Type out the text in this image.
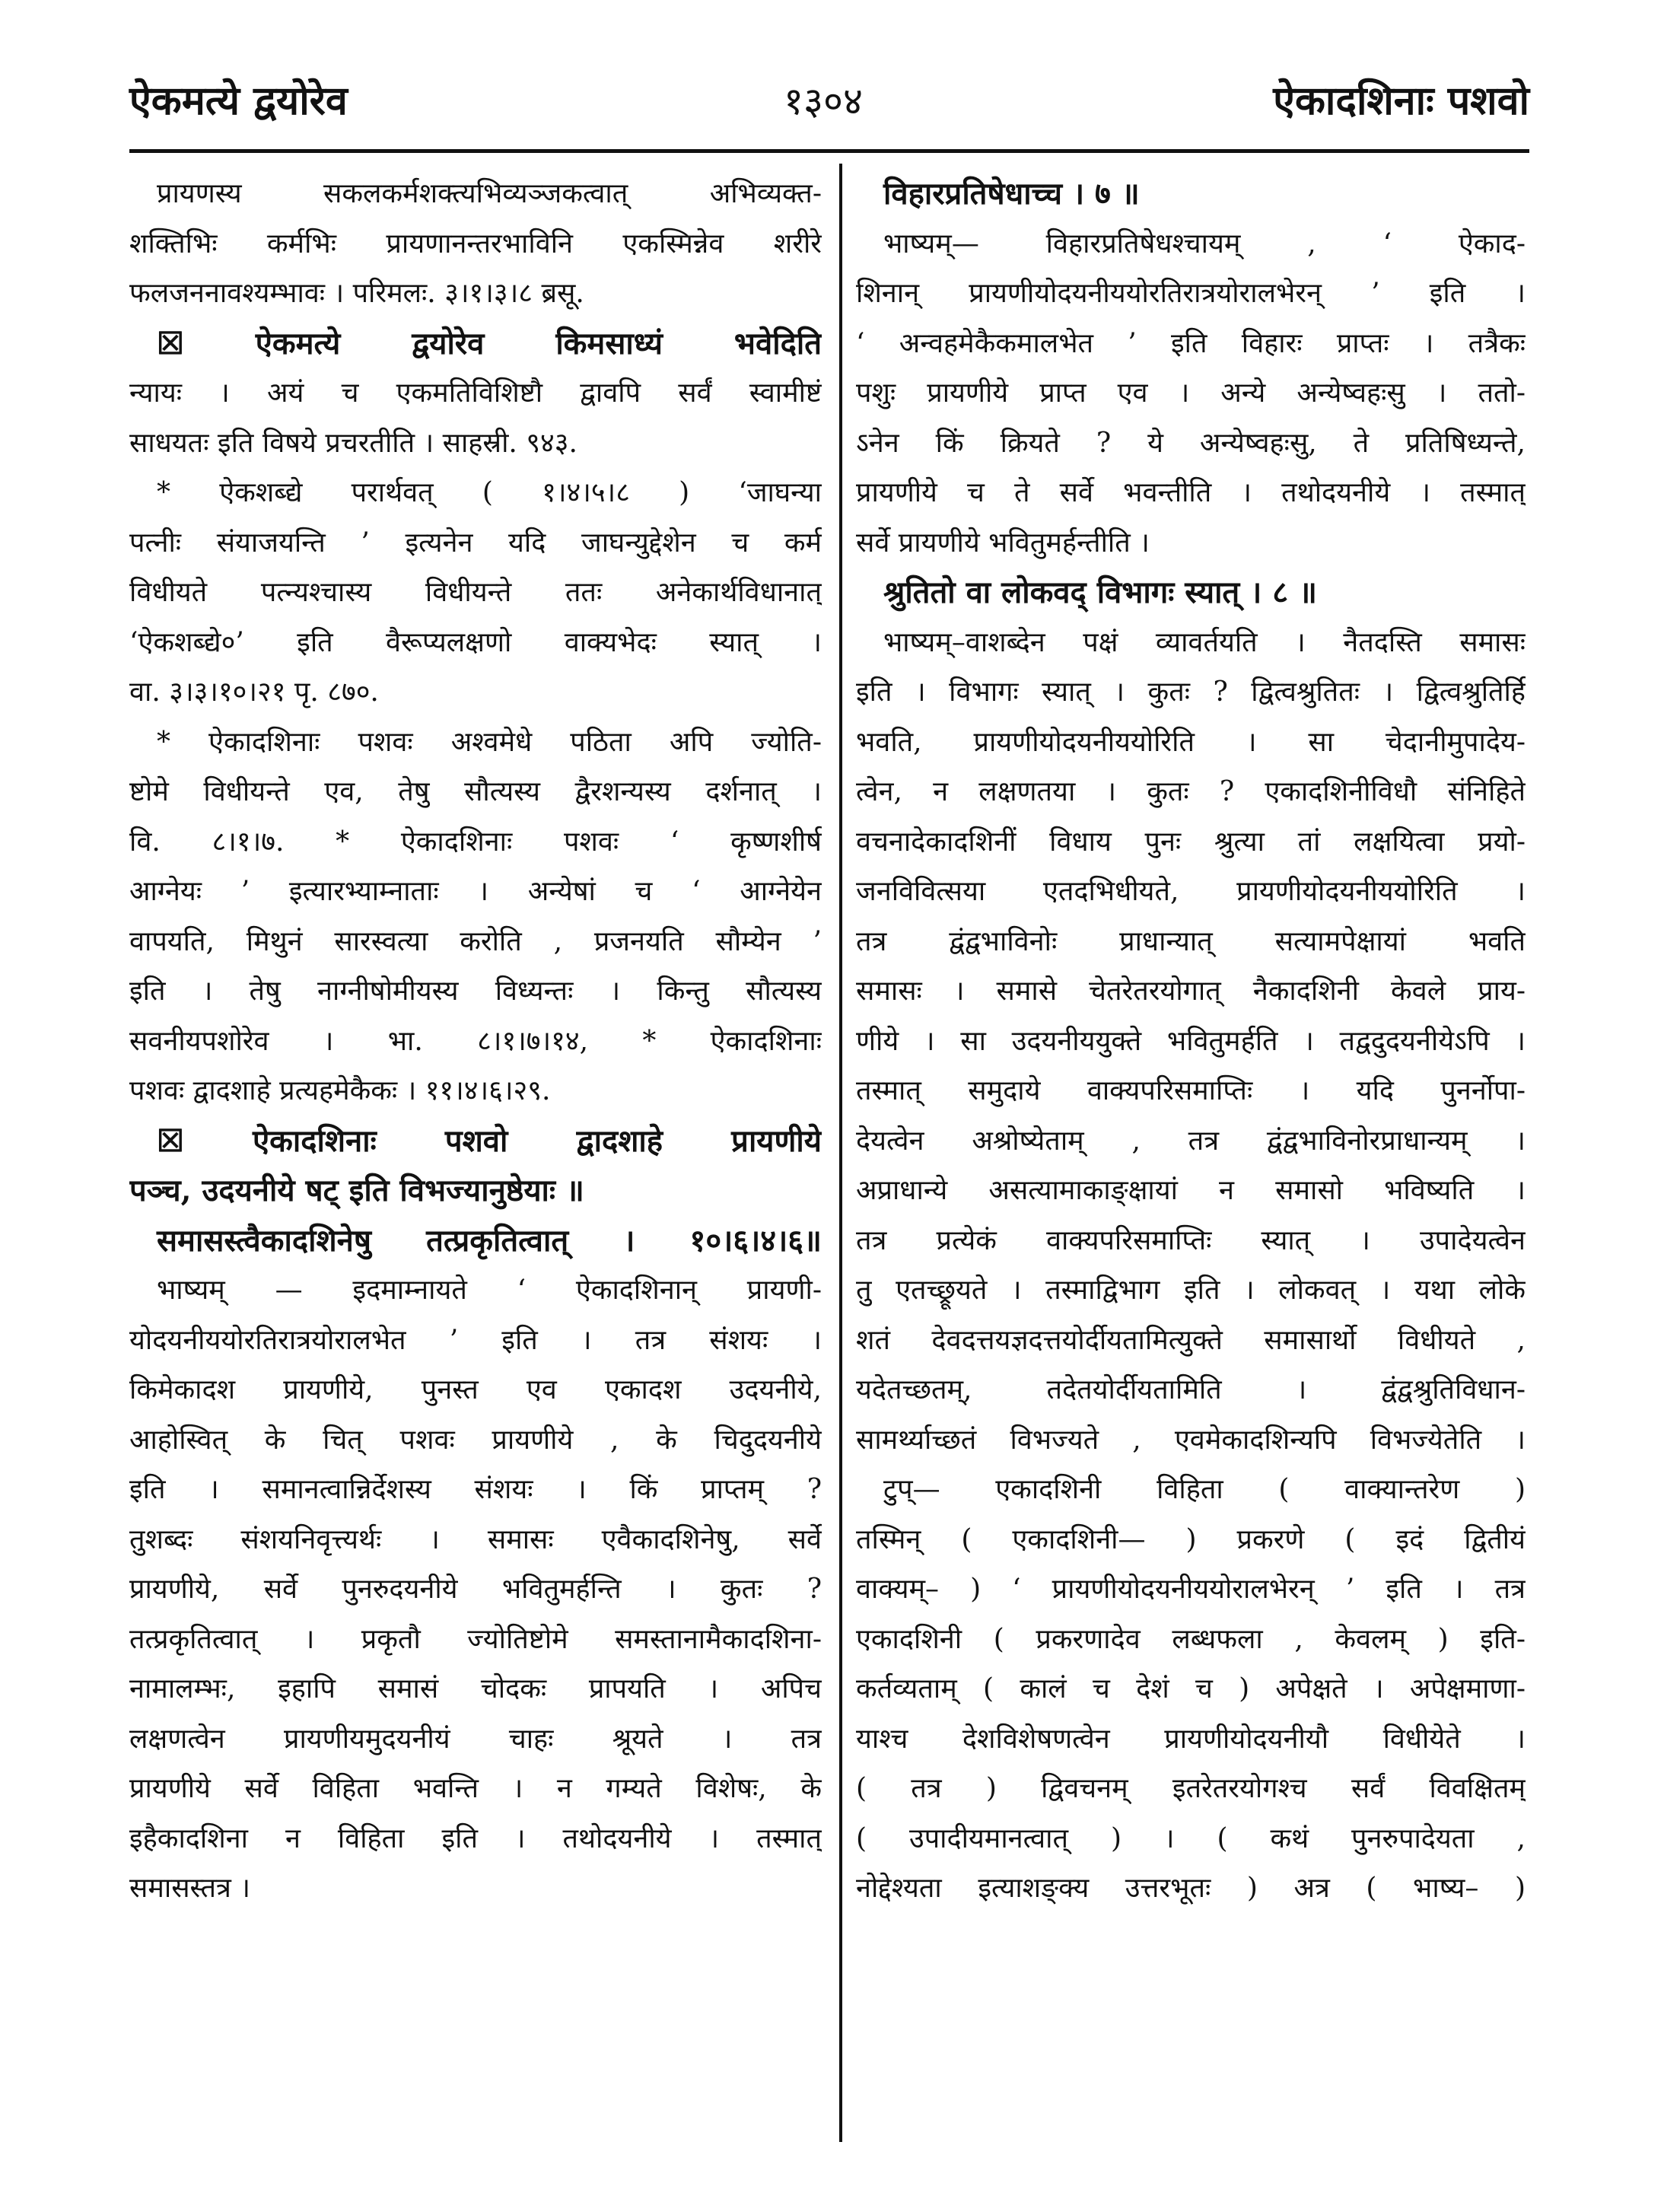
ऐकमत्ये द्वयोरेव	१३०४	ऐकादशिनाः पशवो

प्रायणस्य सकलकर्मशक्त्यभिव्यञ्जकत्वात् अभिव्यक्त-

शक्तिभिः कर्मभिः प्रायणानन्तरभाविनि एकस्मिन्नेव शरीरे

फलजननावश्यम्भावः । परिमलः. ३।१।३।८ ब्रसू.

☒ ऐकमत्ये द्वयोरेव किमसाध्यं भवेदिति

न्यायः । अयं च एकमतिविशिष्टौ द्वावपि सर्वं स्वामीष्टं

साधयतः इति विषये प्रचरतीति । साहस्री. ९४३.

* ऐकशब्द्ये परार्थवत् ( १।४।५।८ ) ‘जाघन्या

पत्नीः संयाजयन्ति ’ इत्यनेन यदि जाघन्युद्देशेन च कर्म

विधीयते पत्न्यश्चास्य विधीयन्ते ततः अनेकार्थविधानात्

‘ऐकशब्द्ये०’ इति वैरूप्यलक्षणो वाक्यभेदः स्यात् ।

वा. ३।३।१०।२१ पृ. ८७०.

* ऐकादशिनाः पशवः अश्वमेधे पठिता अपि ज्योति-

ष्टोमे विधीयन्ते एव, तेषु सौत्यस्य द्वैरशन्यस्य दर्शनात् ।

वि. ८।१।७. * ऐकादशिनाः पशवः ‘ कृष्णशीर्ष

आग्नेयः ’ इत्यारभ्याम्नाताः । अन्येषां च ‘ आग्नेयेन

वापयति, मिथुनं सारस्वत्या करोति , प्रजनयति सौम्येन ’

इति । तेषु नाग्नीषोमीयस्य विध्यन्तः । किन्तु सौत्यस्य

सवनीयपशोरेव । भा. ८।१।७।१४, * ऐकादशिनाः

पशवः द्वादशाहे प्रत्यहमेकैकः । ११।४।६।२९.

☒ ऐकादशिनाः पशवो द्वादशाहे प्रायणीये

पञ्च, उदयनीये षट् इति विभज्यानुष्ठेयाः ॥

समासस्त्वैकादशिनेषु तत्प्रकृतित्वात् । १०।६।४।६॥

भाष्यम् — इदमाम्नायते ‘ ऐकादशिनान् प्रायणी-

योदयनीययोरतिरात्रयोरालभेत ’ इति । तत्र संशयः ।

किमेकादश प्रायणीये, पुनस्त एव एकादश उदयनीये,

आहोस्वित् के चित् पशवः प्रायणीये , के चिदुदयनीये

इति । समानत्वान्निर्देशस्य संशयः । किं प्राप्तम् ?

तुशब्दः संशयनिवृत्त्यर्थः । समासः एवैकादशिनेषु, सर्वे

प्रायणीये, सर्वे पुनरुदयनीये भवितुमर्हन्ति । कुतः ?

तत्प्रकृतित्वात् । प्रकृतौ ज्योतिष्टोमे समस्तानामैकादशिना-

नामालम्भः, इहापि समासं चोदकः प्रापयति । अपिच

लक्षणत्वेन प्रायणीयमुदयनीयं चाहः श्रूयते । तत्र

प्रायणीये सर्वे विहिता भवन्ति । न गम्यते विशेषः, के

इहैकादशिना न विहिता इति । तथोदयनीये । तस्मात्

समासस्तत्र ।

विहारप्रतिषेधाच्च । ७ ॥

भाष्यम्— विहारप्रतिषेधश्चायम् , ‘ ऐकाद-

शिनान् प्रायणीयोदयनीययोरतिरात्रयोरालभेरन् ’ इति ।

‘ अन्वहमेकैकमालभेत ’ इति विहारः प्राप्तः । तत्रैकः

पशुः प्रायणीये प्राप्त एव । अन्ये अन्येष्वहःसु । ततो-

ऽनेन किं क्रियते ? ये अन्येष्वहःसु, ते प्रतिषिध्यन्ते,

प्रायणीये च ते सर्वे भवन्तीति । तथोदयनीये । तस्मात्

सर्वे प्रायणीये भवितुमर्हन्तीति ।

श्रुतितो वा लोकवद् विभागः स्यात् । ८ ॥

भाष्यम्–वाशब्देन पक्षं व्यावर्तयति । नैतदस्ति समासः

इति । विभागः स्यात् । कुतः ? द्वित्वश्रुतितः । द्वित्वश्रुतिर्हि

भवति, प्रायणीयोदयनीययोरिति । सा चेदानीमुपादेय-

त्वेन, न लक्षणतया । कुतः ? एकादशिनीविधौ संनिहिते

वचनादेकादशिनीं विधाय पुनः श्रुत्या तां लक्षयित्वा प्रयो-

जनविवित्सया एतदभिधीयते, प्रायणीयोदयनीययोरिति ।

तत्र द्वंद्वभाविनोः प्राधान्यात् सत्यामपेक्षायां भवति

समासः । समासे चेतरेतरयोगात् नैकादशिनी केवले प्राय-

णीये । सा उदयनीययुक्ते भवितुमर्हति । तद्वदुदयनीयेऽपि ।

तस्मात् समुदाये वाक्यपरिसमाप्तिः । यदि पुनर्नोपा-

देयत्वेन अश्रोष्येताम् , तत्र द्वंद्वभाविनोरप्राधान्यम् ।

अप्राधान्ये असत्यामाकाङ्क्षायां न समासो भविष्यति ।

तत्र प्रत्येकं वाक्यपरिसमाप्तिः स्यात् । उपादेयत्वेन

तु एतच्छ्रूयते । तस्माद्विभाग इति । लोकवत् । यथा लोके

शतं देवदत्तयज्ञदत्तयोर्दीयतामित्युक्ते समासार्थो विधीयते ,

यदेतच्छतम्, तदेतयोर्दीयतामिति । द्वंद्वश्रुतिविधान-

सामर्थ्याच्छतं विभज्यते , एवमेकादशिन्यपि विभज्येतेति ।

टुप्— एकादशिनी विहिता ( वाक्यान्तरेण )

तस्मिन् ( एकादशिनी— ) प्रकरणे ( इदं द्वितीयं

वाक्यम्– ) ‘ प्रायणीयोदयनीययोरालभेरन् ’ इति । तत्र

एकादशिनी ( प्रकरणादेव लब्धफला , केवलम् ) इति-

कर्तव्यताम् ( कालं च देशं च ) अपेक्षते । अपेक्षमाणा-

याश्च देशविशेषणत्वेन प्रायणीयोदयनीयौ विधीयेते ।

( तत्र ) द्विवचनम् इतरेतरयोगश्च सर्वं विवक्षितम्

( उपादीयमानत्वात् ) । ( कथं पुनरुपादेयता ,

नोद्देश्यता इत्याशङ्क्य उत्तरभूतः ) अत्र ( भाष्य– )
